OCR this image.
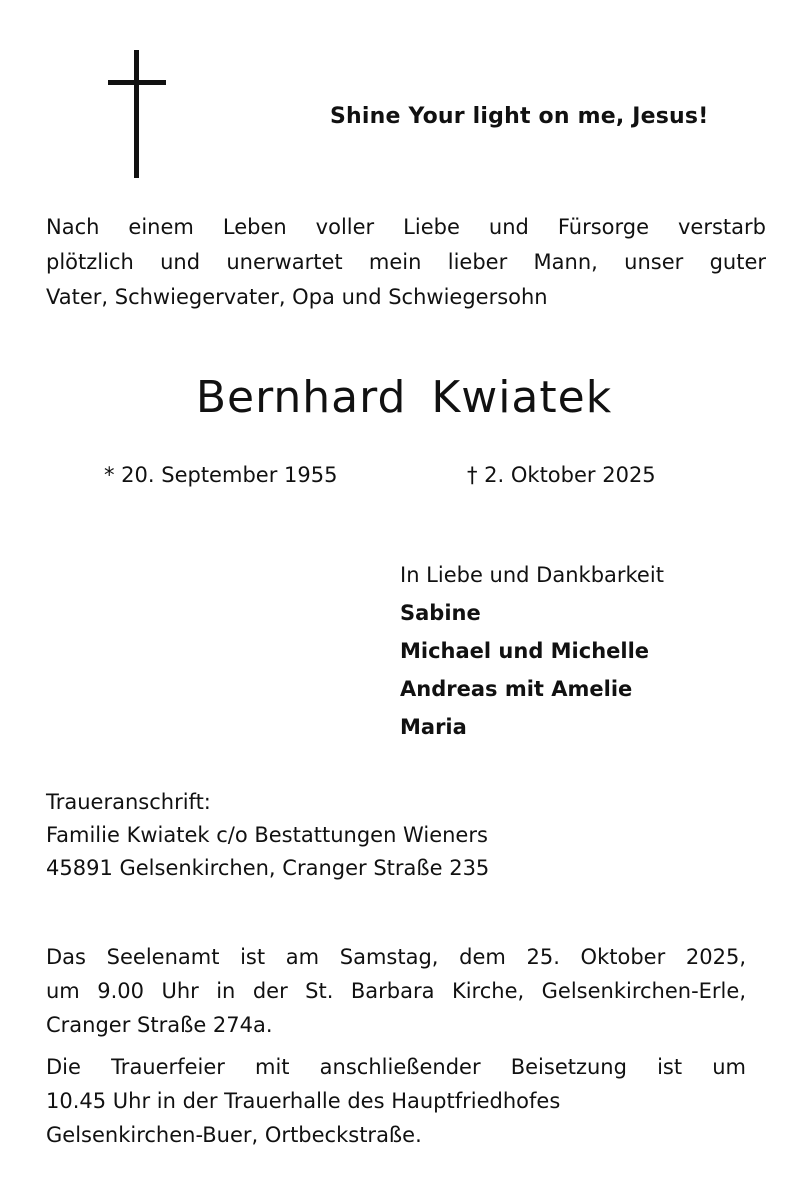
Shine Your light on me, Jesus!
Nach einem Leben voller Liebe und Fürsorge verstarb
plötzlich und unerwartet mein lieber Mann, unser guter
Vater, Schwiegervater, Opa und Schwiegersohn
Bernhard Kwiatek
* 20. September 1955	† 2. Oktober 2025
In Liebe und Dankbarkeit
Sabine
Michael und Michelle
Andreas mit Amelie
Maria
Traueranschrift:
Familie Kwiatek c/o Bestattungen Wieners
45891 Gelsenkirchen, Cranger Straße 235
Das Seelenamt ist am Samstag, dem 25. Oktober 2025,
um 9.00 Uhr in der St. Barbara Kirche, Gelsenkirchen-Erle,
Cranger Straße 274a.
Die Trauerfeier mit anschließender Beisetzung ist um
10.45 Uhr in der Trauerhalle des Hauptfriedhofes
Gelsenkirchen-Buer, Ortbeckstraße.
